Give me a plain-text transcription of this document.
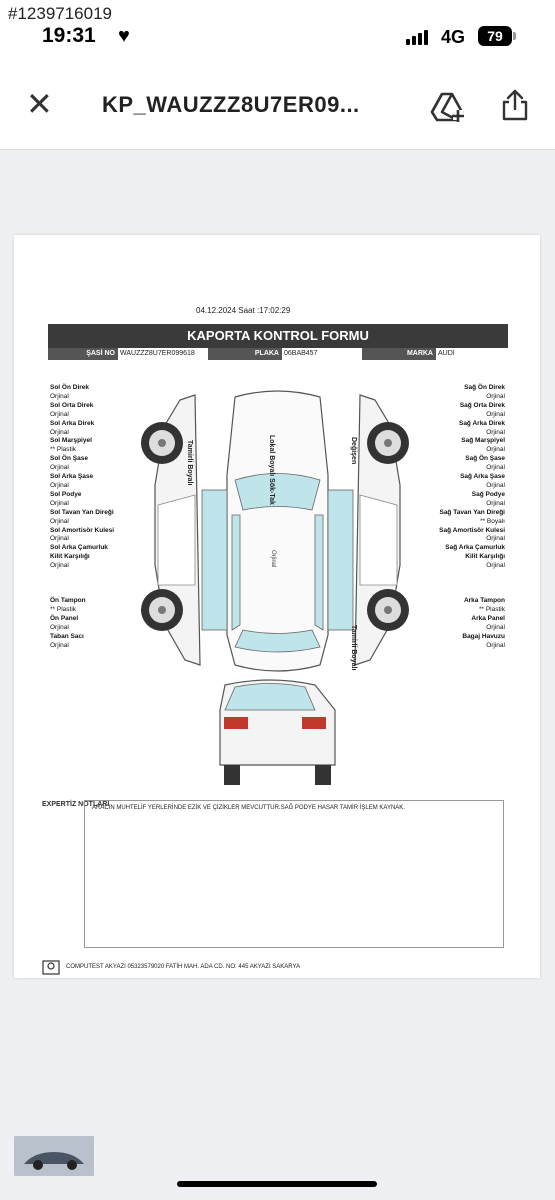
#1239716019
19:31 ♥	4G 79
✕ KP_WAUZZZ8U7ER09...
04.12.2024 Saat :17:02:29
KAPORTA KONTROL FORMU
ŞASİ NO WAUZZZ8U7ER099618	PLAKA 06BAB457	MARKA AUDI
Sol Ön Direk
Orjinal
Sol Orta Direk
Orjinal
Sol Arka Direk
Orjinal
Sol Marşpiyel
** Plastik
Sol Ön Şase
Orjinal
Sol Arka Şase
Orjinal
Sol Podye
Orjinal
Sol Tavan Yan Direği
Orjinal
Sol Amortisör Kulesi
Orjinal
Sol Arka Çamurluk
Kilit Karşılığı
Orjinal
Sağ Ön Direk
Orjinal
Sağ Orta Direk
Orjinal
Sağ Arka Direk
Orjinal
Sağ Marşpiyel
Orjinal
Sağ Ön Şase
Orjinal
Sağ Arka Şase
Orjinal
Sağ Podye
Orjinal
Sağ Tavan Yan Direği
** Boyalı
Sağ Amortisör Kulesi
Orjinal
Sağ Arka Çamurluk
Kilit Karşılığı
Orjinal
Ön Tampon
** Plastik
Ön Panel
Orjinal
Taban Sacı
Orjinal
Arka Tampon
** Plastik
Arka Panel
Orjinal
Bagaj Havuzu
Orjinal
Lokal Boyalı Sök-Tak
Tamirli Boyalı	Değişen
Tamirli Boyalı
Orjinal
EXPERTİZ NOTLARI
ARACIN MUHTELİF YERLERİNDE EZİK VE ÇİZİKLER MEVCUTTUR.SAĞ PODYE HASAR TAMİR İŞLEM KAYNAK.
COMPUTEST AKYAZI 05323579020 FATİH MAH. ADA CD. NO: 445 AKYAZI SAKARYA
